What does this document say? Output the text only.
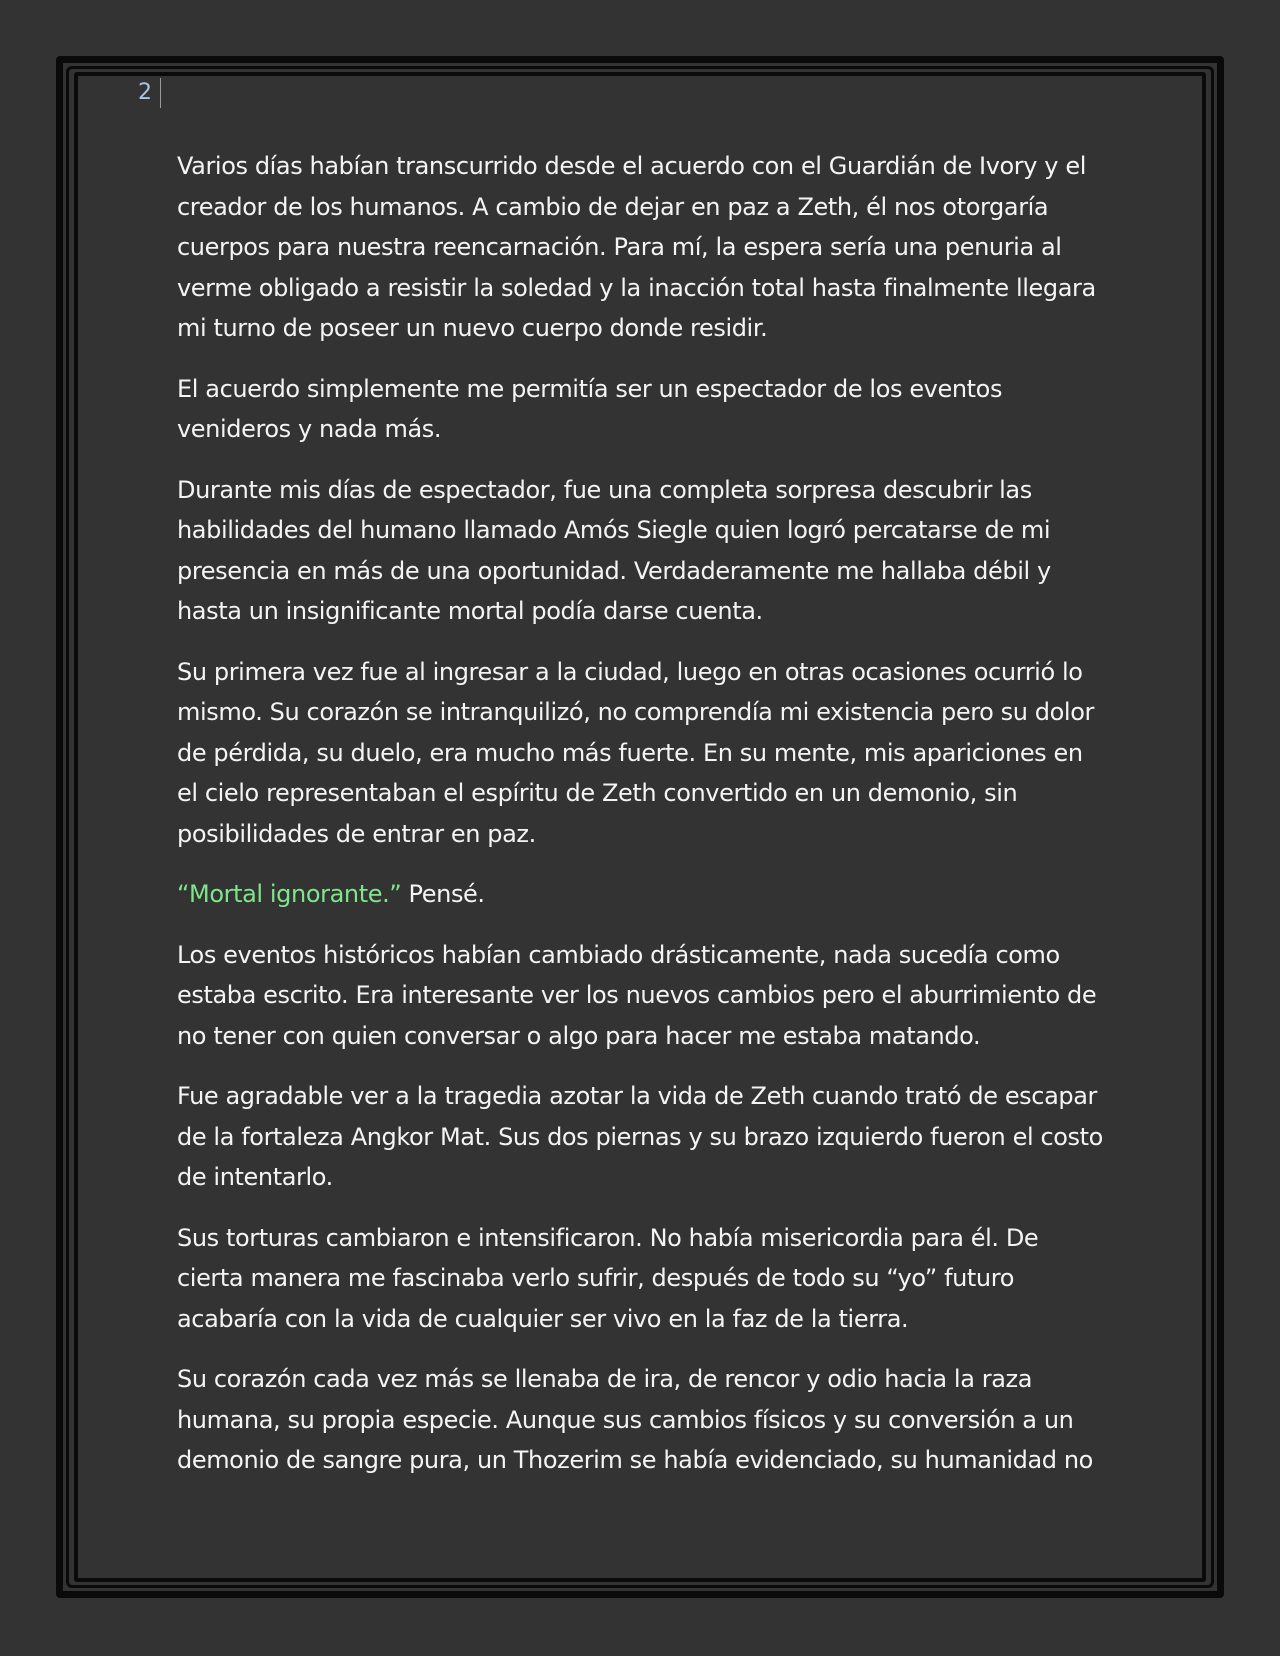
2

Varios días habían transcurrido desde el acuerdo con el Guardián de Ivory y el creador de los humanos. A cambio de dejar en paz a Zeth, él nos otorgaría cuerpos para nuestra reencarnación. Para mí, la espera sería una penuria al verme obligado a resistir la soledad y la inacción total hasta finalmente llegara mi turno de poseer un nuevo cuerpo donde residir.

El acuerdo simplemente me permitía ser un espectador de los eventos venideros y nada más.

Durante mis días de espectador, fue una completa sorpresa descubrir las habilidades del humano llamado Amós Siegle quien logró percatarse de mi presencia en más de una oportunidad. Verdaderamente me hallaba débil y hasta un insignificante mortal podía darse cuenta.

Su primera vez fue al ingresar a la ciudad, luego en otras ocasiones ocurrió lo mismo. Su corazón se intranquilizó, no comprendía mi existencia pero su dolor de pérdida, su duelo, era mucho más fuerte. En su mente, mis apariciones en el cielo representaban el espíritu de Zeth convertido en un demonio, sin posibilidades de entrar en paz.

“Mortal ignorante.” Pensé.

Los eventos históricos habían cambiado drásticamente, nada sucedía como estaba escrito. Era interesante ver los nuevos cambios pero el aburrimiento de no tener con quien conversar o algo para hacer me estaba matando.

Fue agradable ver a la tragedia azotar la vida de Zeth cuando trató de escapar de la fortaleza Angkor Mat. Sus dos piernas y su brazo izquierdo fueron el costo de intentarlo.

Sus torturas cambiaron e intensificaron. No había misericordia para él. De cierta manera me fascinaba verlo sufrir, después de todo su “yo” futuro acabaría con la vida de cualquier ser vivo en la faz de la tierra.

Su corazón cada vez más se llenaba de ira, de rencor y odio hacia la raza humana, su propia especie. Aunque sus cambios físicos y su conversión a un demonio de sangre pura, un Thozerim se había evidenciado, su humanidad no
